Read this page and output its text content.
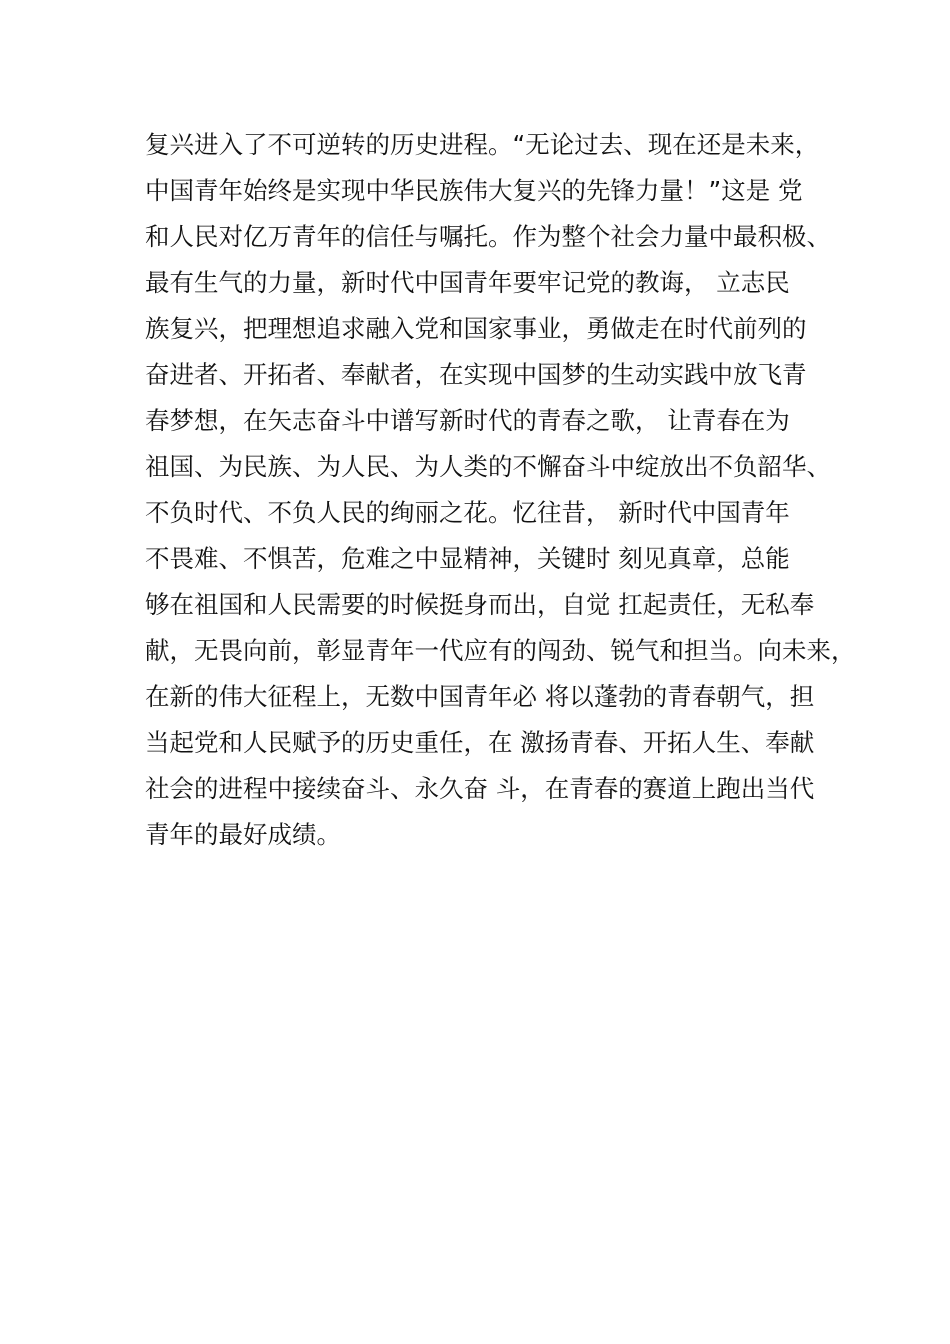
复兴进入了不可逆转的历史进程。“无论过去、现在还是未来，
中国青年始终是实现中华民族伟大复兴的先锋力量！”这是 党
和人民对亿万青年的信任与嘱托。作为整个社会力量中最积极、
最有生气的力量，新时代中国青年要牢记党的教诲， 立志民
族复兴，把理想追求融入党和国家事业，勇做走在时代前列的
奋进者、开拓者、奉献者，在实现中国梦的生动实践中放飞青
春梦想，在矢志奋斗中谱写新时代的青春之歌， 让青春在为
祖国、为民族、为人民、为人类的不懈奋斗中绽放出不负韶华、
不负时代、不负人民的绚丽之花。忆往昔， 新时代中国青年
不畏难、不惧苦，危难之中显精神，关键时 刻见真章，总能
够在祖国和人民需要的时候挺身而出，自觉 扛起责任，无私奉
献，无畏向前，彰显青年一代应有的闯劲、锐气和担当。向未来，
在新的伟大征程上，无数中国青年必 将以蓬勃的青春朝气，担
当起党和人民赋予的历史重任，在 激扬青春、开拓人生、奉献
社会的进程中接续奋斗、永久奋 斗，在青春的赛道上跑出当代
青年的最好成绩。
